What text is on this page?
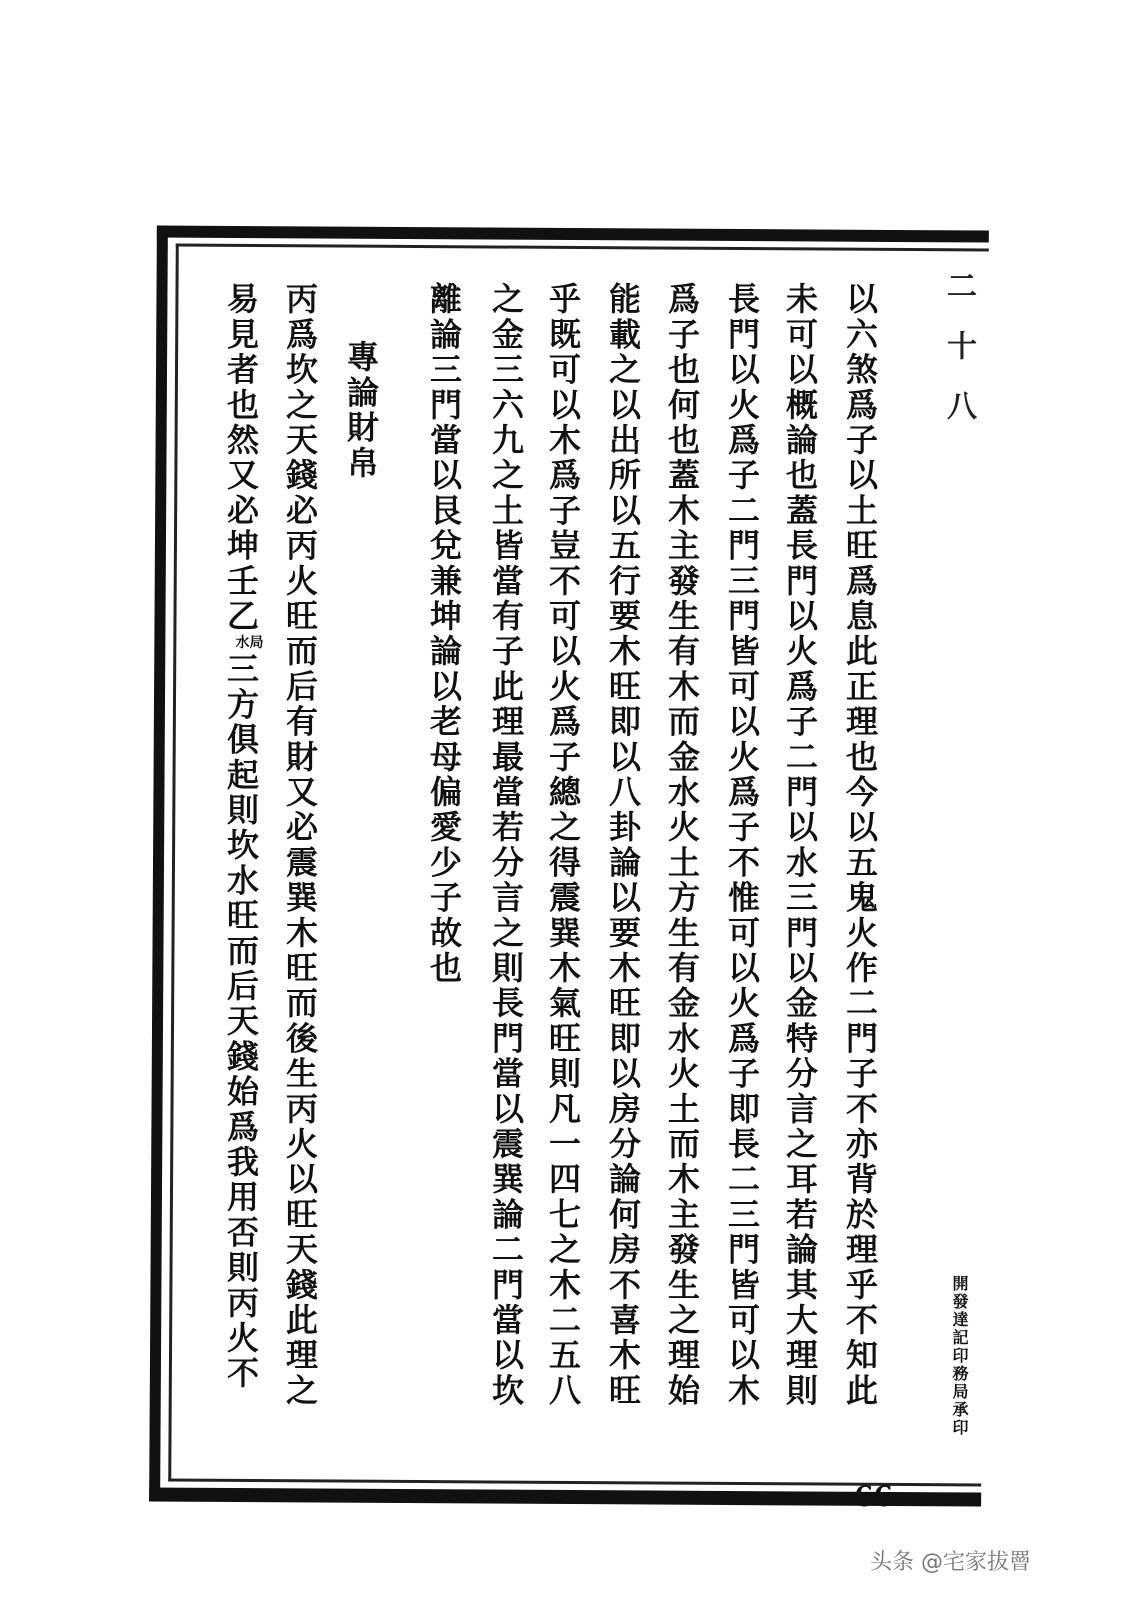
二十八
開發達記印務局承印
以六煞爲子以土旺爲息此正理也今以五鬼火作二門子不亦背於理乎不知此
未可以概論也蓋長門以火爲子二門以水三門以金特分言之耳若論其大理則
長門以火爲子二門三門皆可以火爲子不惟可以火爲子即長二三門皆可以木
爲子也何也蓋木主發生有木而金水火土方生有金水火土而木主發生之理始
能載之以出所以五行要木旺即以八卦論以要木旺即以房分論何房不喜木旺
乎既可以木爲子豈不可以火爲子總之得震巽木氣旺則凡一四七之木二五八
之金三六九之土皆當有子此理最當若分言之則長門當以震巽論二門當以坎
離論三門當以艮兌兼坤論以老母偏愛少子故也
專論財帛
丙爲坎之天錢必丙火旺而后有財又必震巽木旺而後生丙火以旺天錢此理之
易見者也然又必坤壬乙水局三方俱起則坎水旺而后天錢始爲我用否則丙火不
—66—
头条 @宅家拔罾
